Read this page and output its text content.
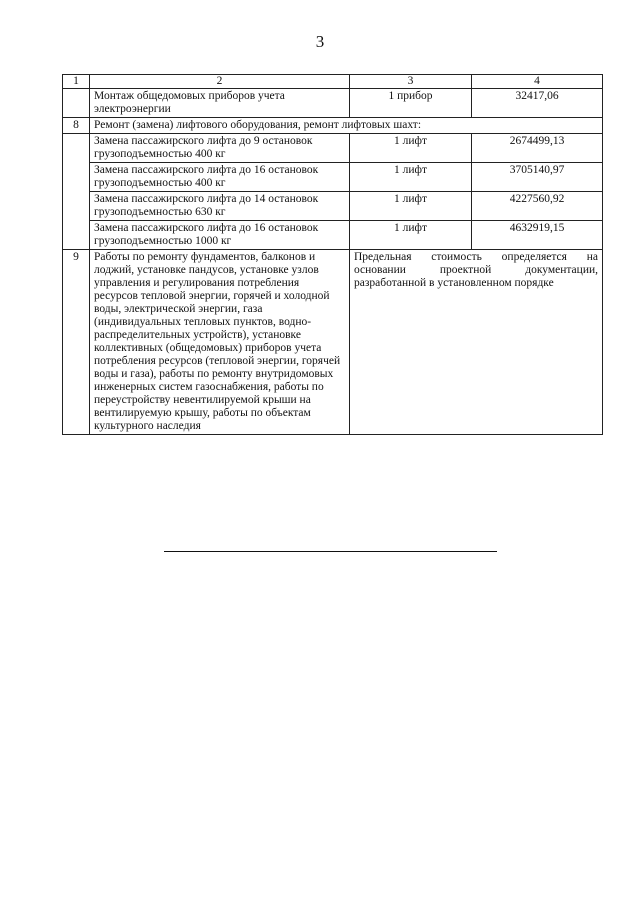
3
1	2	3	4
	Монтаж общедомовых приборов учета электроэнергии	1 прибор	32417,06
8	Ремонт (замена) лифтового оборудования, ремонт лифтовых шахт:		
	Замена пассажирского лифта до 9 остановок грузоподъемностью 400 кг	1 лифт	2674499,13
	Замена пассажирского лифта до 16 остановок грузоподъемностью 400 кг	1 лифт	3705140,97
	Замена пассажирского лифта до 14 остановок грузоподъемностью 630 кг	1 лифт	4227560,92
	Замена пассажирского лифта до 16 остановок грузоподъемностью 1000 кг	1 лифт	4632919,15
9	Работы по ремонту фундаментов, балконов и лоджий, установке пандусов, установке узлов управления и регулирования потребления ресурсов тепловой энергии, горячей и холодной воды, электрической энергии, газа (индивидуальных тепловых пунктов, водно-распределительных устройств), установке коллективных (общедомовых) приборов учета потребления ресурсов (тепловой энергии, горячей воды и газа), работы по ремонту внутридомовых инженерных систем газоснабжения, работы по переустройству невентилируемой крыши на вентилируемую крышу, работы по объектам культурного наследия	Предельная стоимость определяется на основании проектной документации, разработанной в установленном порядке	
